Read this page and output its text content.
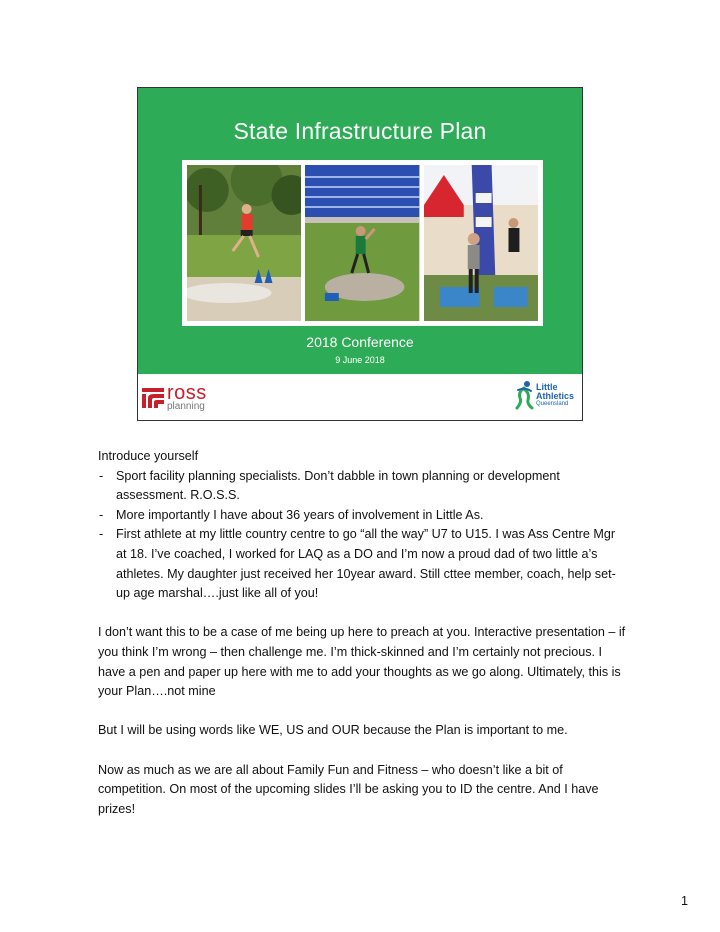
State Infrastructure Plan
2018 Conference
9 June 2018
ross
planning
Little
Athletics
Queensland

Introduce yourself

- Sport facility planning specialists. Don’t dabble in town planning or development assessment. R.O.S.S.

- More importantly I have about 36 years of involvement in Little As.

- First athlete at my little country centre to go “all the way” U7 to U15. I was Ass Centre Mgr at 18. I’ve coached, I worked for LAQ as a DO and I’m now a proud dad of two little a’s athletes. My daughter just received her 10year award. Still cttee member, coach, help set-up age marshal….just like all of you!

I don’t want this to be a case of me being up here to preach at you. Interactive presentation – if you think I’m wrong – then challenge me. I’m thick-skinned and I’m certainly not precious. I have a pen and paper up here with me to add your thoughts as we go along. Ultimately, this is your Plan….not mine

But I will be using words like WE, US and OUR because the Plan is important to me.

Now as much as we are all about Family Fun and Fitness – who doesn’t like a bit of competition. On most of the upcoming slides I’ll be asking you to ID the centre. And I have prizes!

1
